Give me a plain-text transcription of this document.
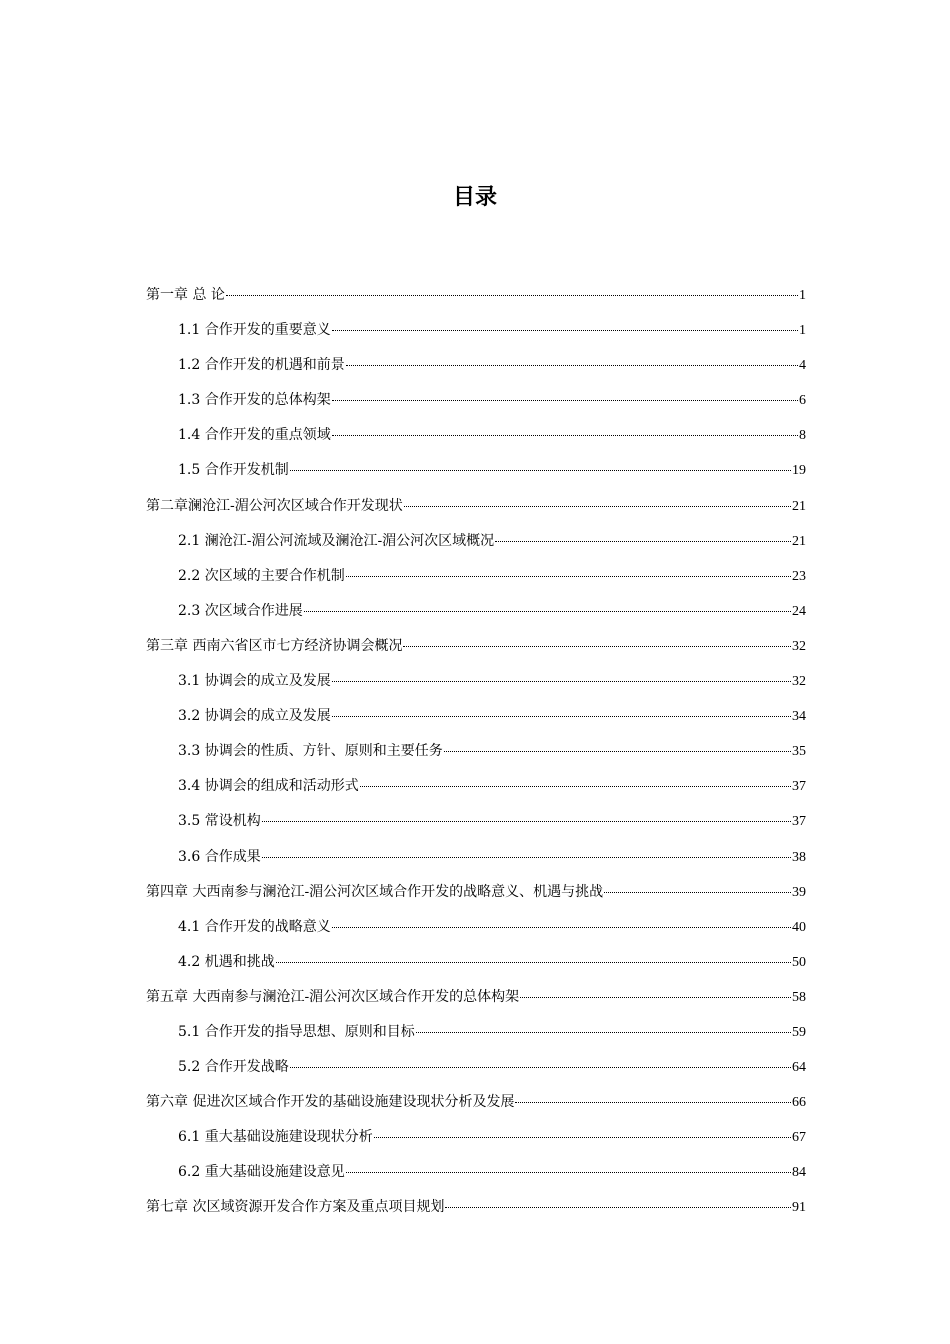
目录
第一章 总 论	1
1.1 合作开发的重要意义	1
1.2 合作开发的机遇和前景	4
1.3 合作开发的总体构架	6
1.4 合作开发的重点领域	8
1.5 合作开发机制	19
第二章澜沧江-湄公河次区域合作开发现状	21
2.1 澜沧江-湄公河流域及澜沧江-湄公河次区域概况	21
2.2 次区域的主要合作机制	23
2.3 次区域合作进展	24
第三章 西南六省区市七方经济协调会概况	32
3.1 协调会的成立及发展	32
3.2 协调会的成立及发展	34
3.3 协调会的性质、方针、原则和主要任务	35
3.4 协调会的组成和活动形式	37
3.5 常设机构	37
3.6 合作成果	38
第四章 大西南参与澜沧江-湄公河次区域合作开发的战略意义、机遇与挑战	39
4.1 合作开发的战略意义	40
4.2 机遇和挑战	50
第五章 大西南参与澜沧江-湄公河次区域合作开发的总体构架	58
5.1 合作开发的指导思想、原则和目标	59
5.2 合作开发战略	64
第六章 促进次区域合作开发的基础设施建设现状分析及发展	66
6.1 重大基础设施建设现状分析	67
6.2 重大基础设施建设意见	84
第七章 次区域资源开发合作方案及重点项目规划	91
